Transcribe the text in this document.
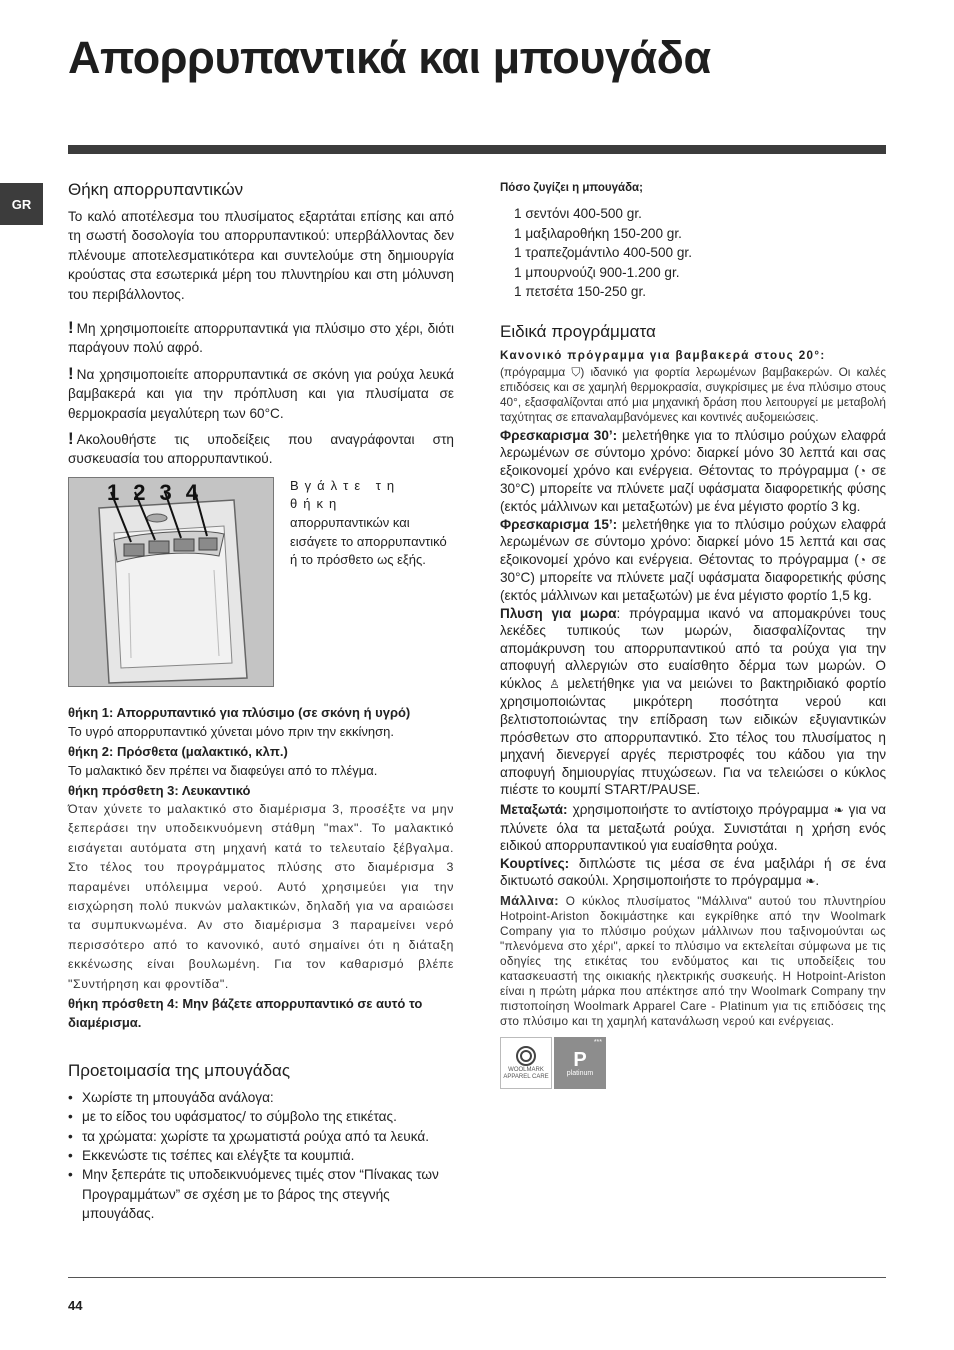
Απορρυπαντικά και μπουγάδα
GR
Θήκη απορρυπαντικών

Το καλό αποτέλεσμα του πλυσίματος εξαρτάται επίσης και από τη σωστή δοσολογία του απορρυπαντικού: υπερβάλλοντας δεν πλένουμε αποτελεσματικότερα και συντελούμε στη δημιουργία κρούστας στα εσωτερικά μέρη του πλυντηρίου και στη μόλυνση του περιβάλλοντος.

! Μη χρησιμοποιείτε απορρυπαντικά για πλύσιμο στο χέρι, διότι παράγουν πολύ αφρό.

! Να χρησιμοποιείτε απορρυπαντικά σε σκόνη για ρούχα λευκά βαμβακερά και για την πρόπλυση και για πλυσίματα σε θερμοκρασία μεγαλύτερη των 60°C.

! Ακολουθήστε τις υποδείξεις που αναγράφονται στη συσκευασία του απορρυπαντικού.

1 2 3 4	Βγάλτε τη θήκη
απορρυπαντικών και εισάγετε το απορρυπαντικό ή το πρόσθετο ως εξής.
θήκη 1: Απορρυπαντικό για πλύσιμο (σε σκόνη ή υγρό)
Το υγρό απορρυπαντικό χύνεται μόνο πριν την εκκίνηση.
θήκη 2: Πρόσθετα (μαλακτικό, κλπ.)
Το μαλακτικό δεν πρέπει να διαφεύγει από το πλέγμα.
θήκη πρόσθετη 3: Λευκαντικό
Όταν χύνετε το μαλακτικό στο διαμέρισμα 3, προσέξτε να μην ξεπεράσει την υποδεικνυόμενη στάθμη "max". Το μαλακτικό εισάγεται αυτόματα στη μηχανή κατά το τελευταίο ξέβγαλμα. Στο τέλος του προγράμματος πλύσης στο διαμέρισμα 3 παραμένει υπόλειμμα νερού. Αυτό χρησιμεύει για την εισχώρηση πολύ πυκνών μαλακτικών, δηλαδή για να αραιώσει τα συμπυκνωμένα. Αν στο διαμέρισμα 3 παραμείνει νερό περισσότερο από το κανονικό, αυτό σημαίνει ότι η διάταξη εκκένωσης είναι βουλωμένη. Για τον καθαρισμό βλέπε "Συντήρηση και φροντίδα".
θήκη πρόσθετη 4: Μην βάζετε απορρυπαντικό σε αυτό το διαμέρισμα.
Προετοιμασία της μπουγάδας
• Χωρίστε τη μπουγάδα ανάλογα:
• με το είδος του υφάσματος/ το σύμβολο της ετικέτας.
• τα χρώματα: χωρίστε τα χρωματιστά ρούχα από τα λευκά.
• Εκκενώστε τις τσέπες και ελέγξτε τα κουμπιά.
• Μην ξεπεράτε τις υποδεικνυόμενες τιμές στον “Πίνακας των Προγραμμάτων” σε σχέση με το βάρος της στεγνής μπουγάδας.
Πόσο ζυγίζει η μπουγάδα;
1 σεντόνι 400-500 gr.
1 μαξιλαροθήκη 150-200 gr.
1 τραπεζομάντιλο 400-500 gr.
1 μπουρνούζι 900-1.200 gr.
1 πετσέτα 150-250 gr.
Ειδικά προγράμματα
Κανονικό πρόγραμμα για βαμβακερά στους 20°:
(πρόγραμμα ⛉) ιδανικό για φορτία λερωμένων βαμβακερών. Οι καλές επιδόσεις και σε χαμηλή θερμοκρασία, συγκρίσιμες με ένα πλύσιμο στους 40°, εξασφαλίζονται από μια μηχανική δράση που λειτουργεί με μεταβολή ταχύτητας σε επαναλαμβανόμενες και κοντινές αυξομειώσεις.
Φρεσκαρισμα 30’: μελετήθηκε για το πλύσιμο ρούχων ελαφρά λερωμένων σε σύντομο χρόνο: διαρκεί μόνο 30 λεπτά και σας εξοικονομεί χρόνο και ενέργεια. Θέτοντας το πρόγραμμα (◔ σε 30°C) μπορείτε να πλύνετε μαζί υφάσματα διαφορετικής φύσης (εκτός μάλλινων και μεταξωτών) με ένα μέγιστο φορτίο 3 kg.
Φρεσκαρισμα 15’: μελετήθηκε για το πλύσιμο ρούχων ελαφρά λερωμένων σε σύντομο χρόνο: διαρκεί μόνο 15 λεπτά και σας εξοικονομεί χρόνο και ενέργεια. Θέτοντας το πρόγραμμα (◔ σε 30°C) μπορείτε να πλύνετε μαζί υφάσματα διαφορετικής φύσης (εκτός μάλλινων και μεταξωτών) με ένα μέγιστο φορτίο 1,5 kg.
Πλυση για μωρα: πρόγραμμα ικανό να απομακρύνει τους λεκέδες τυπικούς των μωρών, διασφαλίζοντας την απομάκρυνση του απορρυπαντικού από τα ρούχα για την αποφυγή αλλεργιών στο ευαίσθητο δέρμα των μωρών. Ο κύκλος ♙ μελετήθηκε για να μειώνει το βακτηριδιακό φορτίο χρησιμοποιώντας μικρότερη ποσότητα νερού και βελτιστοποιώντας την επίδραση των ειδικών εξυγιαντικών πρόσθετων στο απορρυπαντικό. Στο τέλος του πλυσίματος η μηχανή διενεργεί αργές περιστροφές του κάδου για την αποφυγή δημιουργίας πτυχώσεων. Για να τελειώσει ο κύκλος πιέστε το κουμπί START/PAUSE.
Μεταξωτά: χρησιμοποιήστε το αντίστοιχο πρόγραμμα ❧ για να πλύνετε όλα τα μεταξωτά ρούχα. Συνιστάται η χρήση ενός ειδικού απορρυπαντικού για ευαίσθητα ρούχα.
Κουρτίνες: διπλώστε τις μέσα σε ένα μαξιλάρι ή σε ένα δικτυωτό σακούλι. Χρησιμοποιήστε το πρόγραμμα ❧.
Μάλλινα: Ο κύκλος πλυσίματος "Μάλλινα" αυτού του πλυντηρίου Hotpoint-Ariston δοκιμάστηκε και εγκρίθηκε από την Woolmark Company για το πλύσιμο ρούχων μάλλινων που ταξινομούνται ως "πλενόμενα στο χέρι", αρκεί το πλύσιμο να εκτελείται σύμφωνα με τις οδηγίες της ετικέτας του ενδύματος και τις υποδείξεις του κατασκευαστή της οικιακής ηλεκτρικής συσκευής. Η Hotpoint-Ariston είναι η πρώτη μάρκα που απέκτησε από την Woolmark Company την πιστοποίηση Woolmark Apparel Care - Platinum για τις επιδόσεις της στο πλύσιμο και τη χαμηλή κατανάλωση νερού και ενέργειας.
WOOLMARK
APPAREL CARE
***
P
platinum
44
